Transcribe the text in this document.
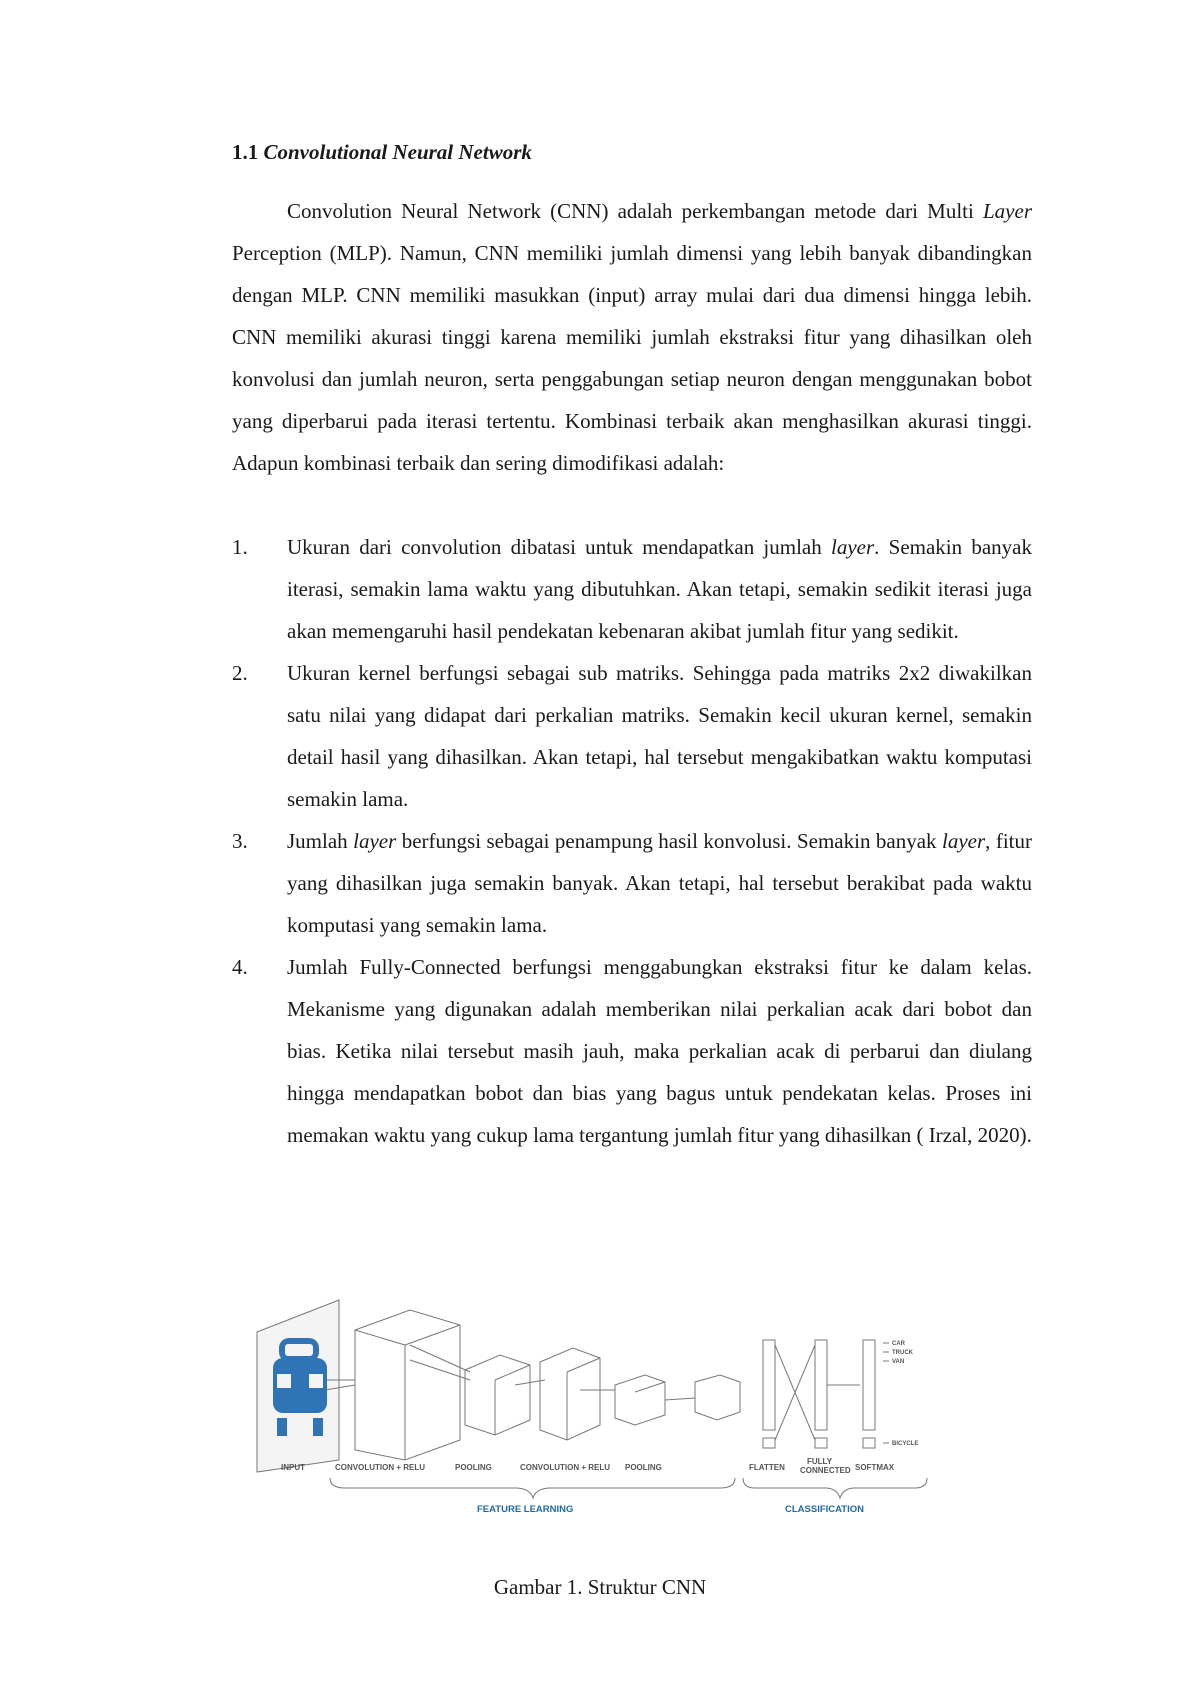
1.1 Convolutional Neural Network

Convolution Neural Network (CNN) adalah perkembangan metode dari Multi Layer Perception (MLP). Namun, CNN memiliki jumlah dimensi yang lebih banyak dibandingkan dengan MLP. CNN memiliki masukkan (input) array mulai dari dua dimensi hingga lebih. CNN memiliki akurasi tinggi karena memiliki jumlah ekstraksi fitur yang dihasilkan oleh konvolusi dan jumlah neuron, serta penggabungan setiap neuron dengan menggunakan bobot yang diperbarui pada iterasi tertentu. Kombinasi terbaik akan menghasilkan akurasi tinggi. Adapun kombinasi terbaik dan sering dimodifikasi adalah:

1. Ukuran dari convolution dibatasi untuk mendapatkan jumlah layer. Semakin banyak iterasi, semakin lama waktu yang dibutuhkan. Akan tetapi, semakin sedikit iterasi juga akan memengaruhi hasil pendekatan kebenaran akibat jumlah fitur yang sedikit.
2. Ukuran kernel berfungsi sebagai sub matriks. Sehingga pada matriks 2x2 diwakilkan satu nilai yang didapat dari perkalian matriks. Semakin kecil ukuran kernel, semakin detail hasil yang dihasilkan. Akan tetapi, hal tersebut mengakibatkan waktu komputasi semakin lama.
3. Jumlah layer berfungsi sebagai penampung hasil konvolusi. Semakin banyak layer, fitur yang dihasilkan juga semakin banyak. Akan tetapi, hal tersebut berakibat pada waktu komputasi yang semakin lama.
4. Jumlah Fully-Connected berfungsi menggabungkan ekstraksi fitur ke dalam kelas. Mekanisme yang digunakan adalah memberikan nilai perkalian acak dari bobot dan bias. Ketika nilai tersebut masih jauh, maka perkalian acak di perbarui dan diulang hingga mendapatkan bobot dan bias yang bagus untuk pendekatan kelas. Proses ini memakan waktu yang cukup lama tergantung jumlah fitur yang dihasilkan ( Irzal, 2020).
INPUT	CONVOLUTION + RELU	POOLING	CONVOLUTION + RELU POOLING	FLATTEN
FULLY
CONNECTED SOFTMAX
FEATURE LEARNING	CLASSIFICATION
CAR
TRUCK
VAN
BICYCLE

Gambar 1. Struktur CNN
